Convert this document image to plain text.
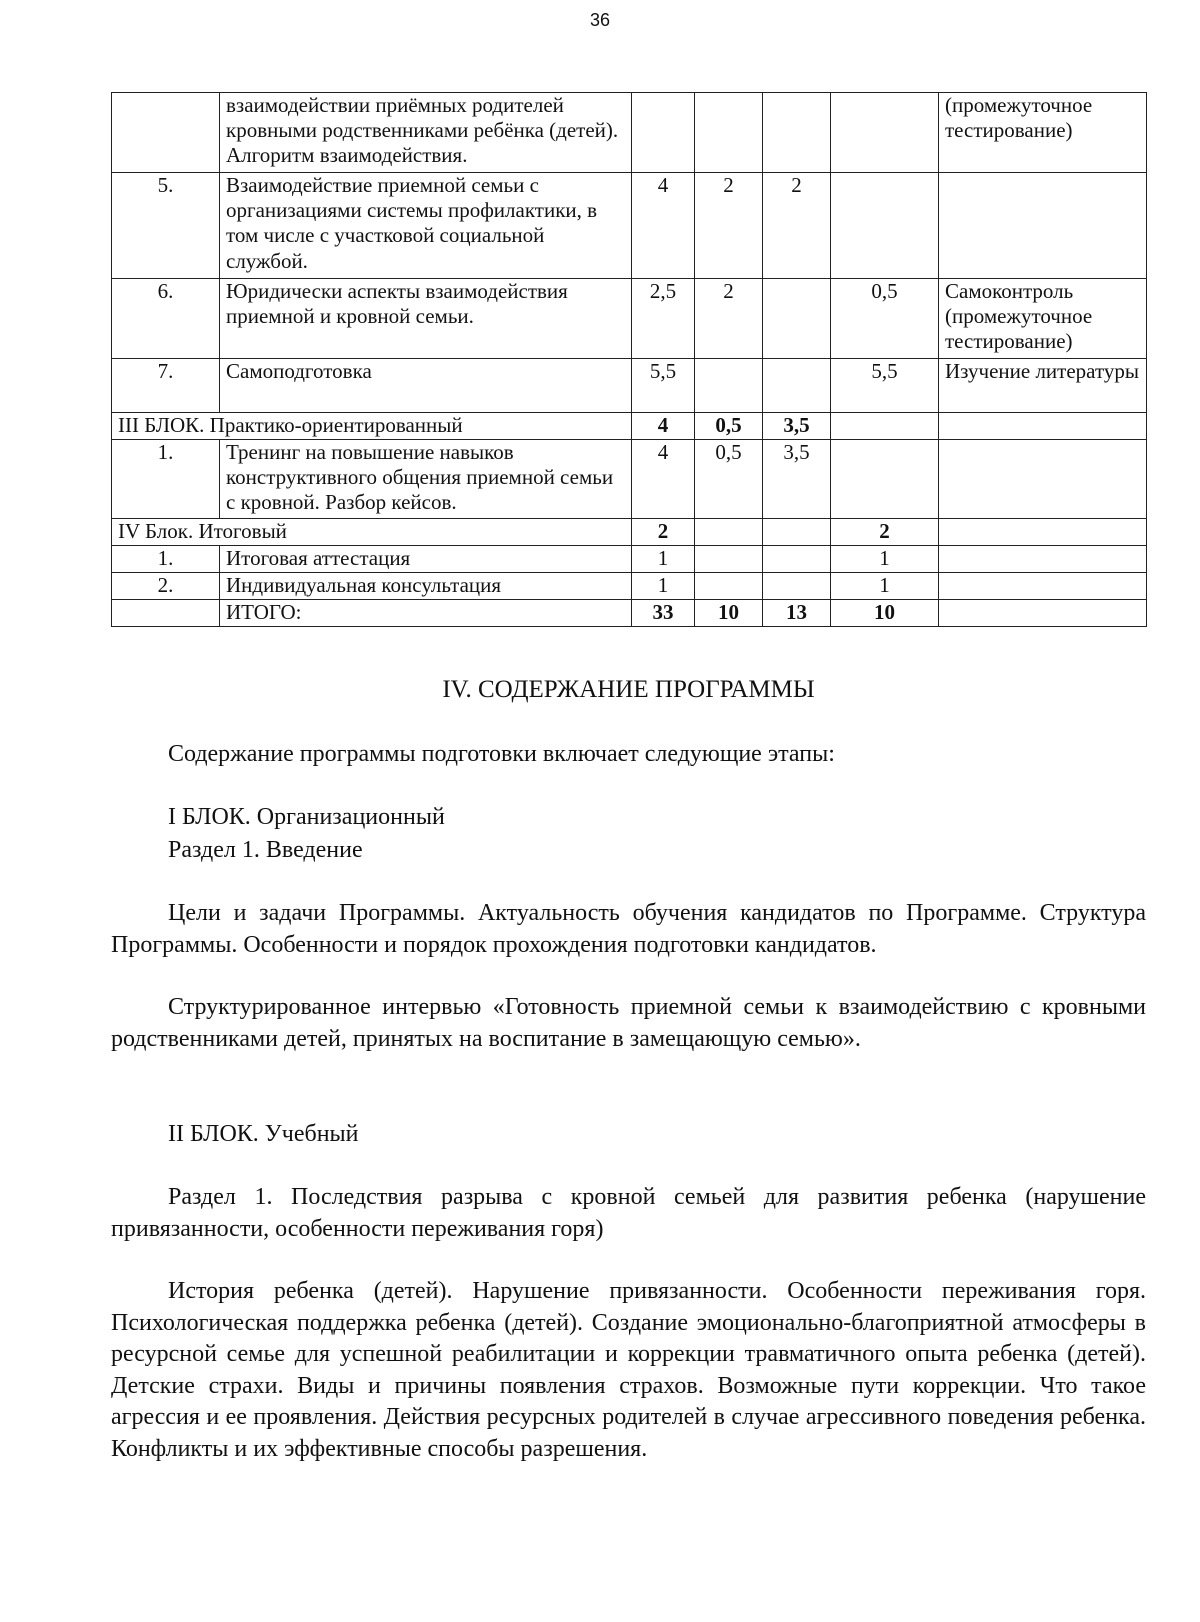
36
	взаимодействии приёмных родителей кровными родственниками ребёнка (детей). Алгоритм взаимодействия.					(промежуточное тестирование)
5.	Взаимодействие приемной семьи с организациями системы профилактики, в том числе с участковой социальной службой.	4	2	2		
6.	Юридически аспекты взаимодействия приемной и кровной семьи.	2,5	2		0,5	Самоконтроль (промежуточное тестирование)
7.	Самоподготовка	5,5			5,5	Изучение литературы
III БЛОК. Практико-ориентированный		4	0,5	3,5		
1.	Тренинг на повышение навыков конструктивного общения приемной семьи с кровной. Разбор кейсов.	4	0,5	3,5		
IV Блок. Итоговый		2			2	
1.	Итоговая аттестация	1			1	
2.	Индивидуальная консультация	1			1	
	ИТОГО:	33	10	13	10	
IV. СОДЕРЖАНИЕ ПРОГРАММЫ

Содержание программы подготовки включает следующие этапы:

I БЛОК. Организационный

Раздел 1. Введение

Цели и задачи Программы. Актуальность обучения кандидатов по Программе. Структура Программы. Особенности и порядок прохождения подготовки кандидатов.

Структурированное интервью «Готовность приемной семьи к взаимодействию с кровными родственниками детей, принятых на воспитание в замещающую семью».

II БЛОК. Учебный

Раздел 1. Последствия разрыва с кровной семьей для развития ребенка (нарушение привязанности, особенности переживания горя)

История ребенка (детей). Нарушение привязанности. Особенности переживания горя. Психологическая поддержка ребенка (детей). Создание эмоционально-благоприятной атмосферы в ресурсной семье для успешной реабилитации и коррекции травматичного опыта ребенка (детей). Детские страхи. Виды и причины появления страхов. Возможные пути коррекции. Что такое агрессия и ее проявления. Действия ресурсных родителей в случае агрессивного поведения ребенка. Конфликты и их эффективные способы разрешения.
